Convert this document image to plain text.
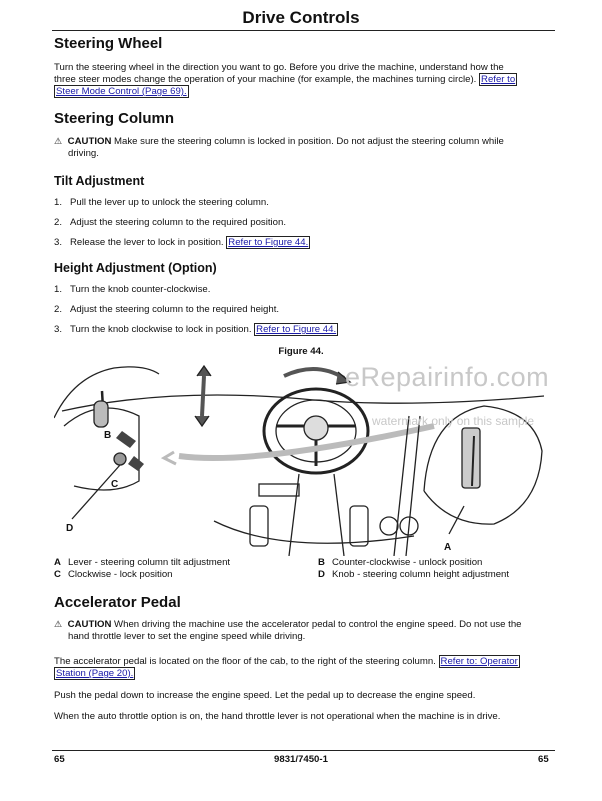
Drive Controls
Steering Wheel
Turn the steering wheel in the direction you want to go. Before you drive the machine, understand how the
three steer modes change the operation of your machine (for example, the machines turning circle). Refer to
Steer Mode Control (Page 69).
Steering Column
⚠ CAUTION Make sure the steering column is locked in position. Do not adjust the steering column while
driving.
Tilt Adjustment
1. Pull the lever up to unlock the steering column.
2. Adjust the steering column to the required position.
3. Release the lever to lock in position. Refer to Figure 44.
Height Adjustment (Option)
1. Turn the knob counter-clockwise.
2. Adjust the steering column to the required height.
3. Turn the knob clockwise to lock in position. Refer to Figure 44.
Figure 44.
B
C
D
A
eRepairinfo.com
watermark only on this sample
A Lever - steering column tilt adjustment	B Counter-clockwise - unlock position
C Clockwise - lock position	D Knob - steering column height adjustment
Accelerator Pedal
⚠ CAUTION When driving the machine use the accelerator pedal to control the engine speed. Do not use the
hand throttle lever to set the engine speed while driving.
The accelerator pedal is located on the floor of the cab, to the right of the steering column. Refer to: Operator
Station (Page 20).
Push the pedal down to increase the engine speed. Let the pedal up to decrease the engine speed.
When the auto throttle option is on, the hand throttle lever is not operational when the machine is in drive.
65	9831/7450-1	65
